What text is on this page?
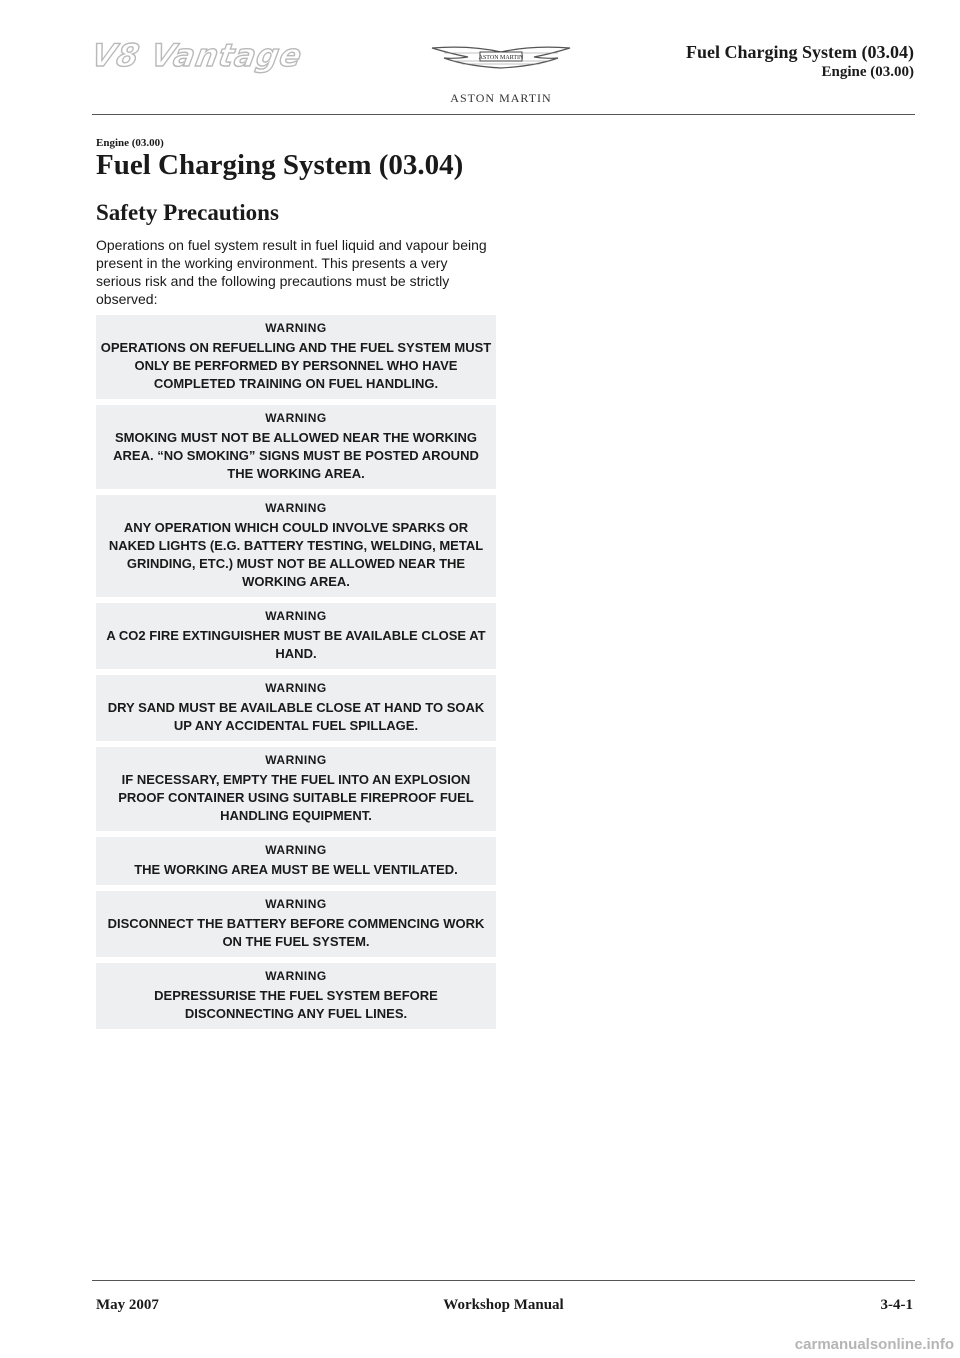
V8 Vantage	ASTON MARTIN
ASTON MARTIN
Fuel Charging System (03.04)
Engine (03.00)
Engine (03.00)
Fuel Charging System (03.04)
Safety Precautions

Operations on fuel system result in fuel liquid and vapour being present in the working environment. This presents a very serious risk and the following precautions must be strictly observed:

WARNING
OPERATIONS ON REFUELLING AND THE FUEL SYSTEM MUST ONLY BE PERFORMED BY PERSONNEL WHO HAVE COMPLETED TRAINING ON FUEL HANDLING.
WARNING
SMOKING MUST NOT BE ALLOWED NEAR THE WORKING AREA. “NO SMOKING” SIGNS MUST BE POSTED AROUND THE WORKING AREA.
WARNING
ANY OPERATION WHICH COULD INVOLVE SPARKS OR NAKED LIGHTS (E.G. BATTERY TESTING, WELDING, METAL GRINDING, ETC.) MUST NOT BE ALLOWED NEAR THE WORKING AREA.
WARNING
A CO2 FIRE EXTINGUISHER MUST BE AVAILABLE CLOSE AT HAND.
WARNING
DRY SAND MUST BE AVAILABLE CLOSE AT HAND TO SOAK UP ANY ACCIDENTAL FUEL SPILLAGE.
WARNING
IF NECESSARY, EMPTY THE FUEL INTO AN EXPLOSION PROOF CONTAINER USING SUITABLE FIREPROOF FUEL HANDLING EQUIPMENT.
WARNING
THE WORKING AREA MUST BE WELL VENTILATED.
WARNING
DISCONNECT THE BATTERY BEFORE COMMENCING WORK ON THE FUEL SYSTEM.
WARNING
DEPRESSURISE THE FUEL SYSTEM BEFORE DISCONNECTING ANY FUEL LINES.
May 2007	Workshop Manual	3-4-1
carmanualsonline.info
